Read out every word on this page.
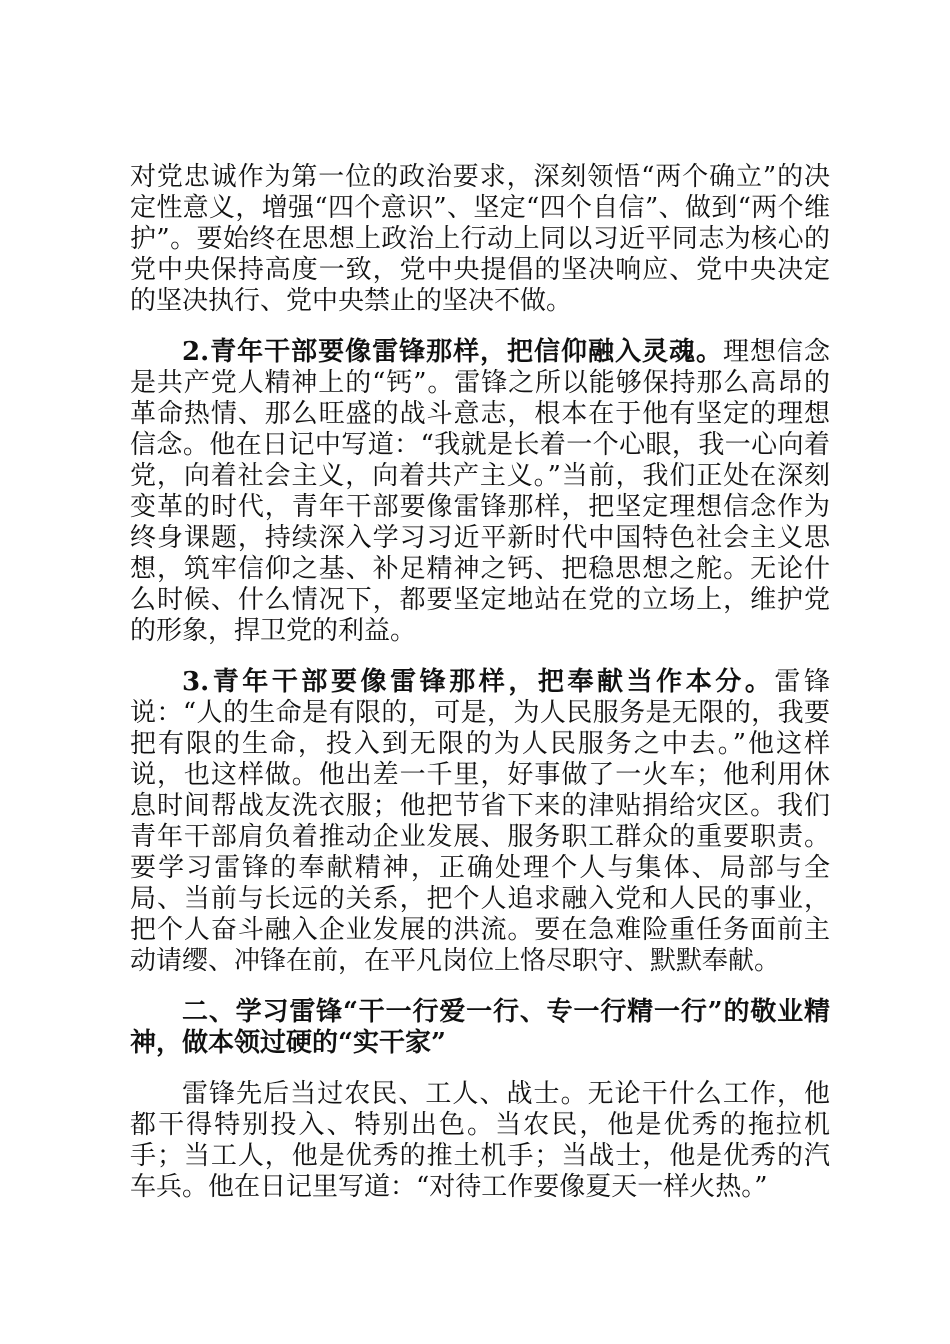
对党忠诚作为第一位的政治要求，深刻领悟“两个确立”的决定性意义，增强“四个意识”、坚定“四个自信”、做到“两个维护”。要始终在思想上政治上行动上同以习近平同志为核心的党中央保持高度一致，党中央提倡的坚决响应、党中央决定的坚决执行、党中央禁止的坚决不做。

2.青年干部要像雷锋那样，把信仰融入灵魂。理想信念是共产党人精神上的“钙”。雷锋之所以能够保持那么高昂的革命热情、那么旺盛的战斗意志，根本在于他有坚定的理想信念。他在日记中写道：“我就是长着一个心眼，我一心向着党，向着社会主义，向着共产主义。”当前，我们正处在深刻变革的时代，青年干部要像雷锋那样，把坚定理想信念作为终身课题，持续深入学习习近平新时代中国特色社会主义思想，筑牢信仰之基、补足精神之钙、把稳思想之舵。无论什么时候、什么情况下，都要坚定地站在党的立场上，维护党的形象，捍卫党的利益。

3.青年干部要像雷锋那样，把奉献当作本分。雷锋说：“人的生命是有限的，可是，为人民服务是无限的，我要把有限的生命，投入到无限的为人民服务之中去。”他这样说，也这样做。他出差一千里，好事做了一火车；他利用休息时间帮战友洗衣服；他把节省下来的津贴捐给灾区。我们青年干部肩负着推动企业发展、服务职工群众的重要职责。要学习雷锋的奉献精神，正确处理个人与集体、局部与全局、当前与长远的关系，把个人追求融入党和人民的事业，把个人奋斗融入企业发展的洪流。要在急难险重任务面前主动请缨、冲锋在前，在平凡岗位上恪尽职守、默默奉献。

二、学习雷锋“干一行爱一行、专一行精一行”的敬业精神，做本领过硬的“实干家”

雷锋先后当过农民、工人、战士。无论干什么工作，他都干得特别投入、特别出色。当农民，他是优秀的拖拉机手；当工人，他是优秀的推土机手；当战士，他是优秀的汽车兵。他在日记里写道：“对待工作要像夏天一样火热。”
